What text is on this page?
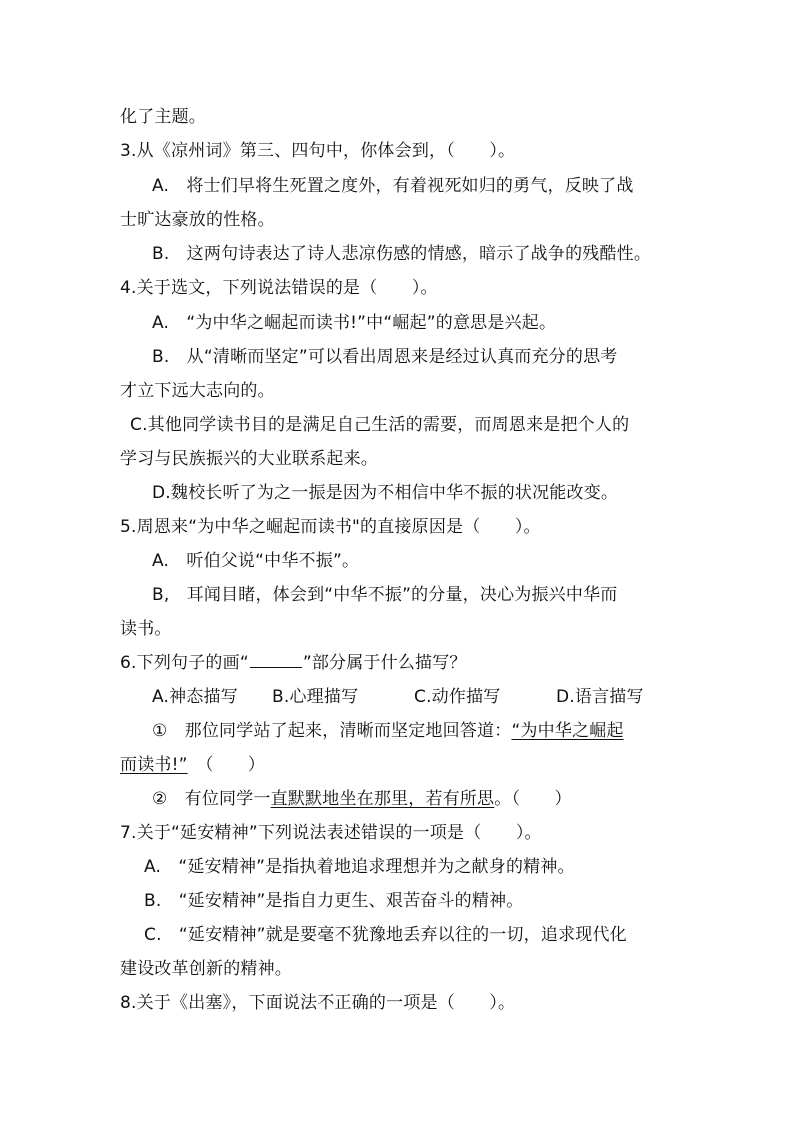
化了主题。
3.从《凉州词》第三、四句中，你体会到，（　　）。
A.　将士们早将生死置之度外，有着视死如归的勇气，反映了战
士旷达豪放的性格。
B.　这两句诗表达了诗人悲凉伤感的情感，暗示了战争的残酷性。
4.关于选文，下列说法错误的是（　　）。
A.　“为中华之崛起而读书!”中“崛起”的意思是兴起。
B.　从“清晰而坚定”可以看出周恩来是经过认真而充分的思考
才立下远大志向的。
C.其他同学读书目的是满足自己生活的需要，而周恩来是把个人的
学习与民族振兴的大业联系起来。
D.魏校长听了为之一振是因为不相信中华不振的状况能改变。
5.周恩来“为中华之崛起而读书"的直接原因是（　　）。
A.　听伯父说“中华不振”。
B,　耳闻目睹，体会到“中华不振”的分量，决心为振兴中华而
读书。
6.下列句子的画“	”部分属于什么描写？
A.神态描写 B.心理描写	C.动作描写	D.语言描写
①　那位同学站了起来，清晰而坚定地回答道：“为中华之崛起
而读书!”　（　　）
②　有位同学一直默默地坐在那里，若有所思。（　　）
7.关于“延安精神”下列说法表述错误的一项是（　　）。
A.　“延安精神”是指执着地追求理想并为之献身的精神。
B.　“延安精神”是指自力更生、艰苦奋斗的精神。
C.　“延安精神”就是要毫不犹豫地丢弃以往的一切，追求现代化
建设改革创新的精神。
8.关于《出塞》，下面说法不正确的一项是（　　）。
